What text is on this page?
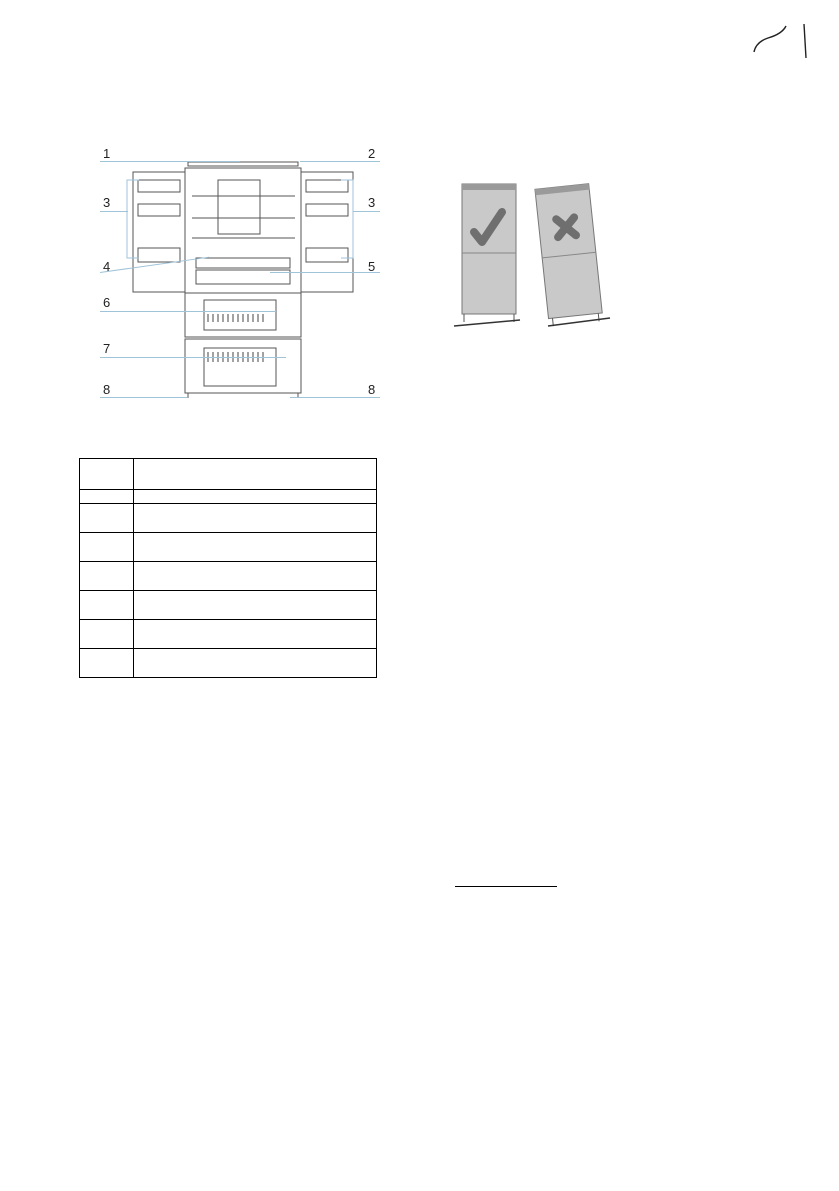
1	2
3	3
4	5
6
7
8	8
